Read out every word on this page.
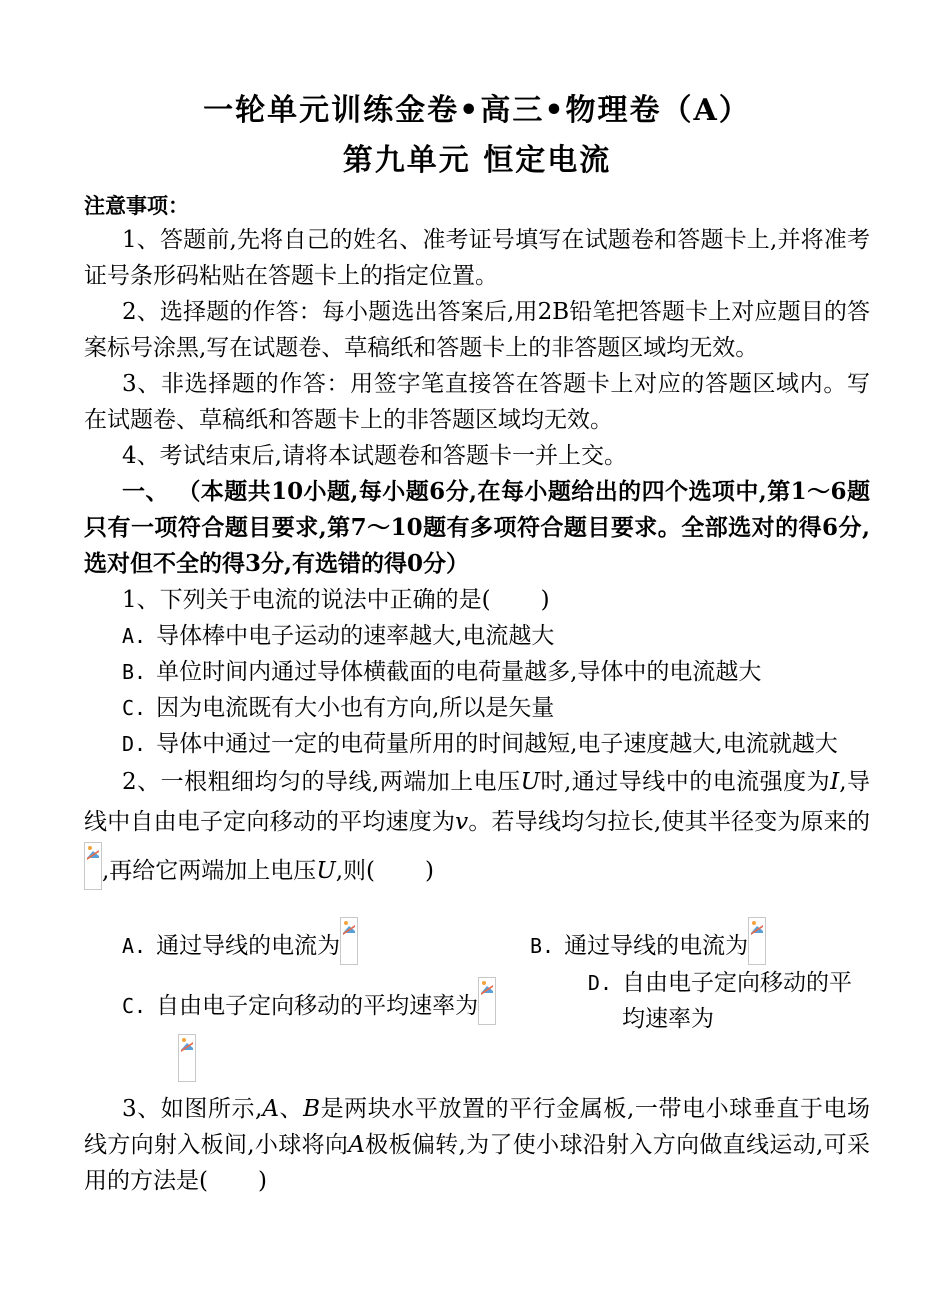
一轮单元训练金卷•高三•物理卷（A）
第九单元 恒定电流
注意事项：
1、答题前,先将自己的姓名、准考证号填写在试题卷和答题卡上,并将准考证号条形码粘贴在答题卡上的指定位置。
2、选择题的作答：每小题选出答案后,用2B铅笔把答题卡上对应题目的答案标号涂黑,写在试题卷、草稿纸和答题卡上的非答题区域均无效。
3、非选择题的作答：用签字笔直接答在答题卡上对应的答题区域内。写在试题卷、草稿纸和答题卡上的非答题区域均无效。
4、考试结束后,请将本试题卷和答题卡一并上交。
一、 （本题共10小题,每小题6分,在每小题给出的四个选项中,第1～6题只有一项符合题目要求,第7～10题有多项符合题目要求。全部选对的得6分,选对但不全的得3分,有选错的得0分）
1、下列关于电流的说法中正确的是( )
A. 导体棒中电子运动的速率越大,电流越大
B. 单位时间内通过导体横截面的电荷量越多,导体中的电流越大
C. 因为电流既有大小也有方向,所以是矢量
D. 导体中通过一定的电荷量所用的时间越短,电子速度越大,电流就越大
2、一根粗细均匀的导线,两端加上电压U时,通过导线中的电流强度为I,导线中自由电子定向移动的平均速度为v。若导线均匀拉长,使其半径变为原来的
,再给它两端加上电压U,则( )
A. 通过导线的电流为	B. 通过导线的电流为
C. 自由电子定向移动的平均速率为
D. 自由电子定向移动的平均速率为
3、如图所示,A、B是两块水平放置的平行金属板,一带电小球垂直于电场线方向射入板间,小球将向A极板偏转,为了使小球沿射入方向做直线运动,可采用的方法是( )
